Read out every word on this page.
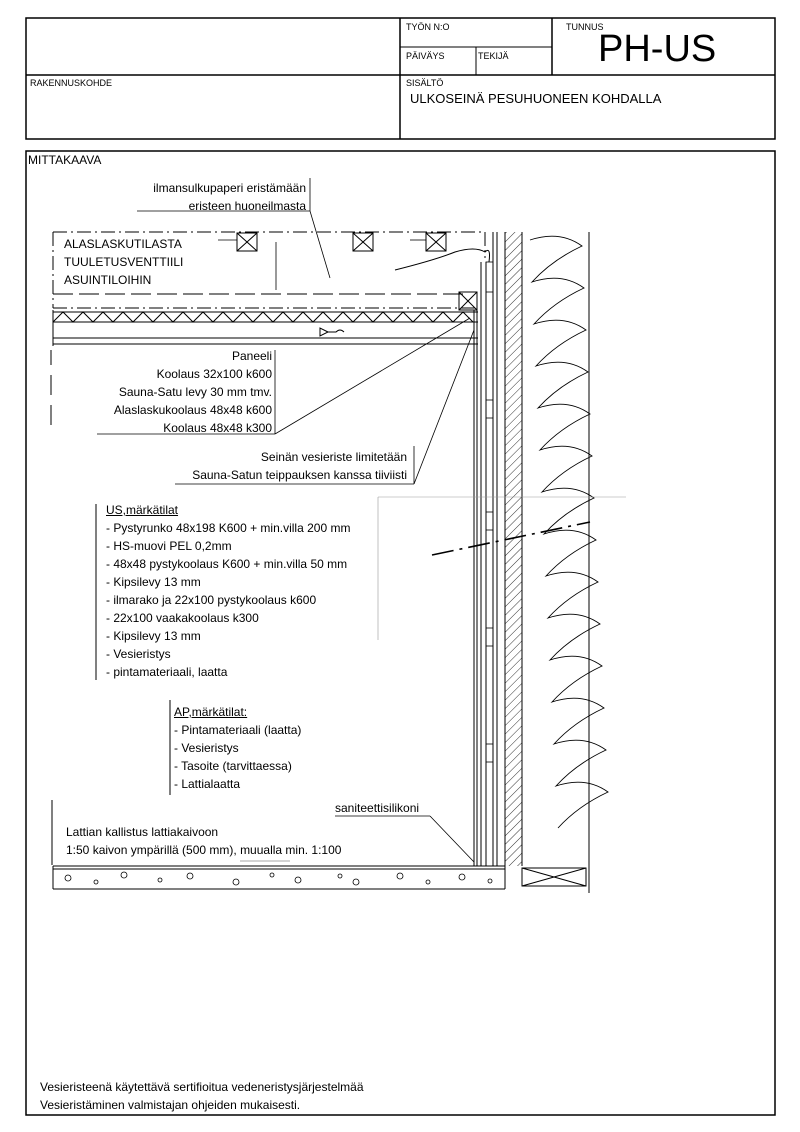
TYÖN N:O	TUNNUS
PH-US
PÄIVÄYS	TEKIJÄ
RAKENNUSKOHDE	SISÄLTÖ
ULKOSEINÄ PESUHUONEEN KOHDALLA
MITTAKAAVA
ilmansulkupaperi eristämään
eristeen huoneilmasta
ALASLASKUTILASTA
TUULETUSVENTTIILI
ASUINTILOIHIN
Paneeli
Koolaus 32x100 k600
Sauna-Satu levy 30 mm tmv.
Alaslaskukoolaus 48x48 k600
Koolaus 48x48 k300
Seinän vesieriste limitetään
Sauna-Satun teippauksen kanssa tiiviisti
US,märkätilat
- Pystyrunko 48x198 K600 + min.villa 200 mm
- HS-muovi PEL 0,2mm
- 48x48 pystykoolaus K600 + min.villa 50 mm
- Kipsilevy 13 mm
- ilmarako ja 22x100 pystykoolaus k600
- 22x100 vaakakoolaus k300
- Kipsilevy 13 mm
- Vesieristys
- pintamateriaali, laatta
AP,märkätilat:
- Pintamateriaali (laatta)
- Vesieristys
- Tasoite (tarvittaessa)
- Lattialaatta
saniteettisilikoni
Lattian kallistus lattiakaivoon
1:50 kaivon ympärillä (500 mm), muualla min. 1:100
Vesieristeenä käytettävä sertifioitua vedeneristysjärjestelmää
Vesieristäminen valmistajan ohjeiden mukaisesti.
